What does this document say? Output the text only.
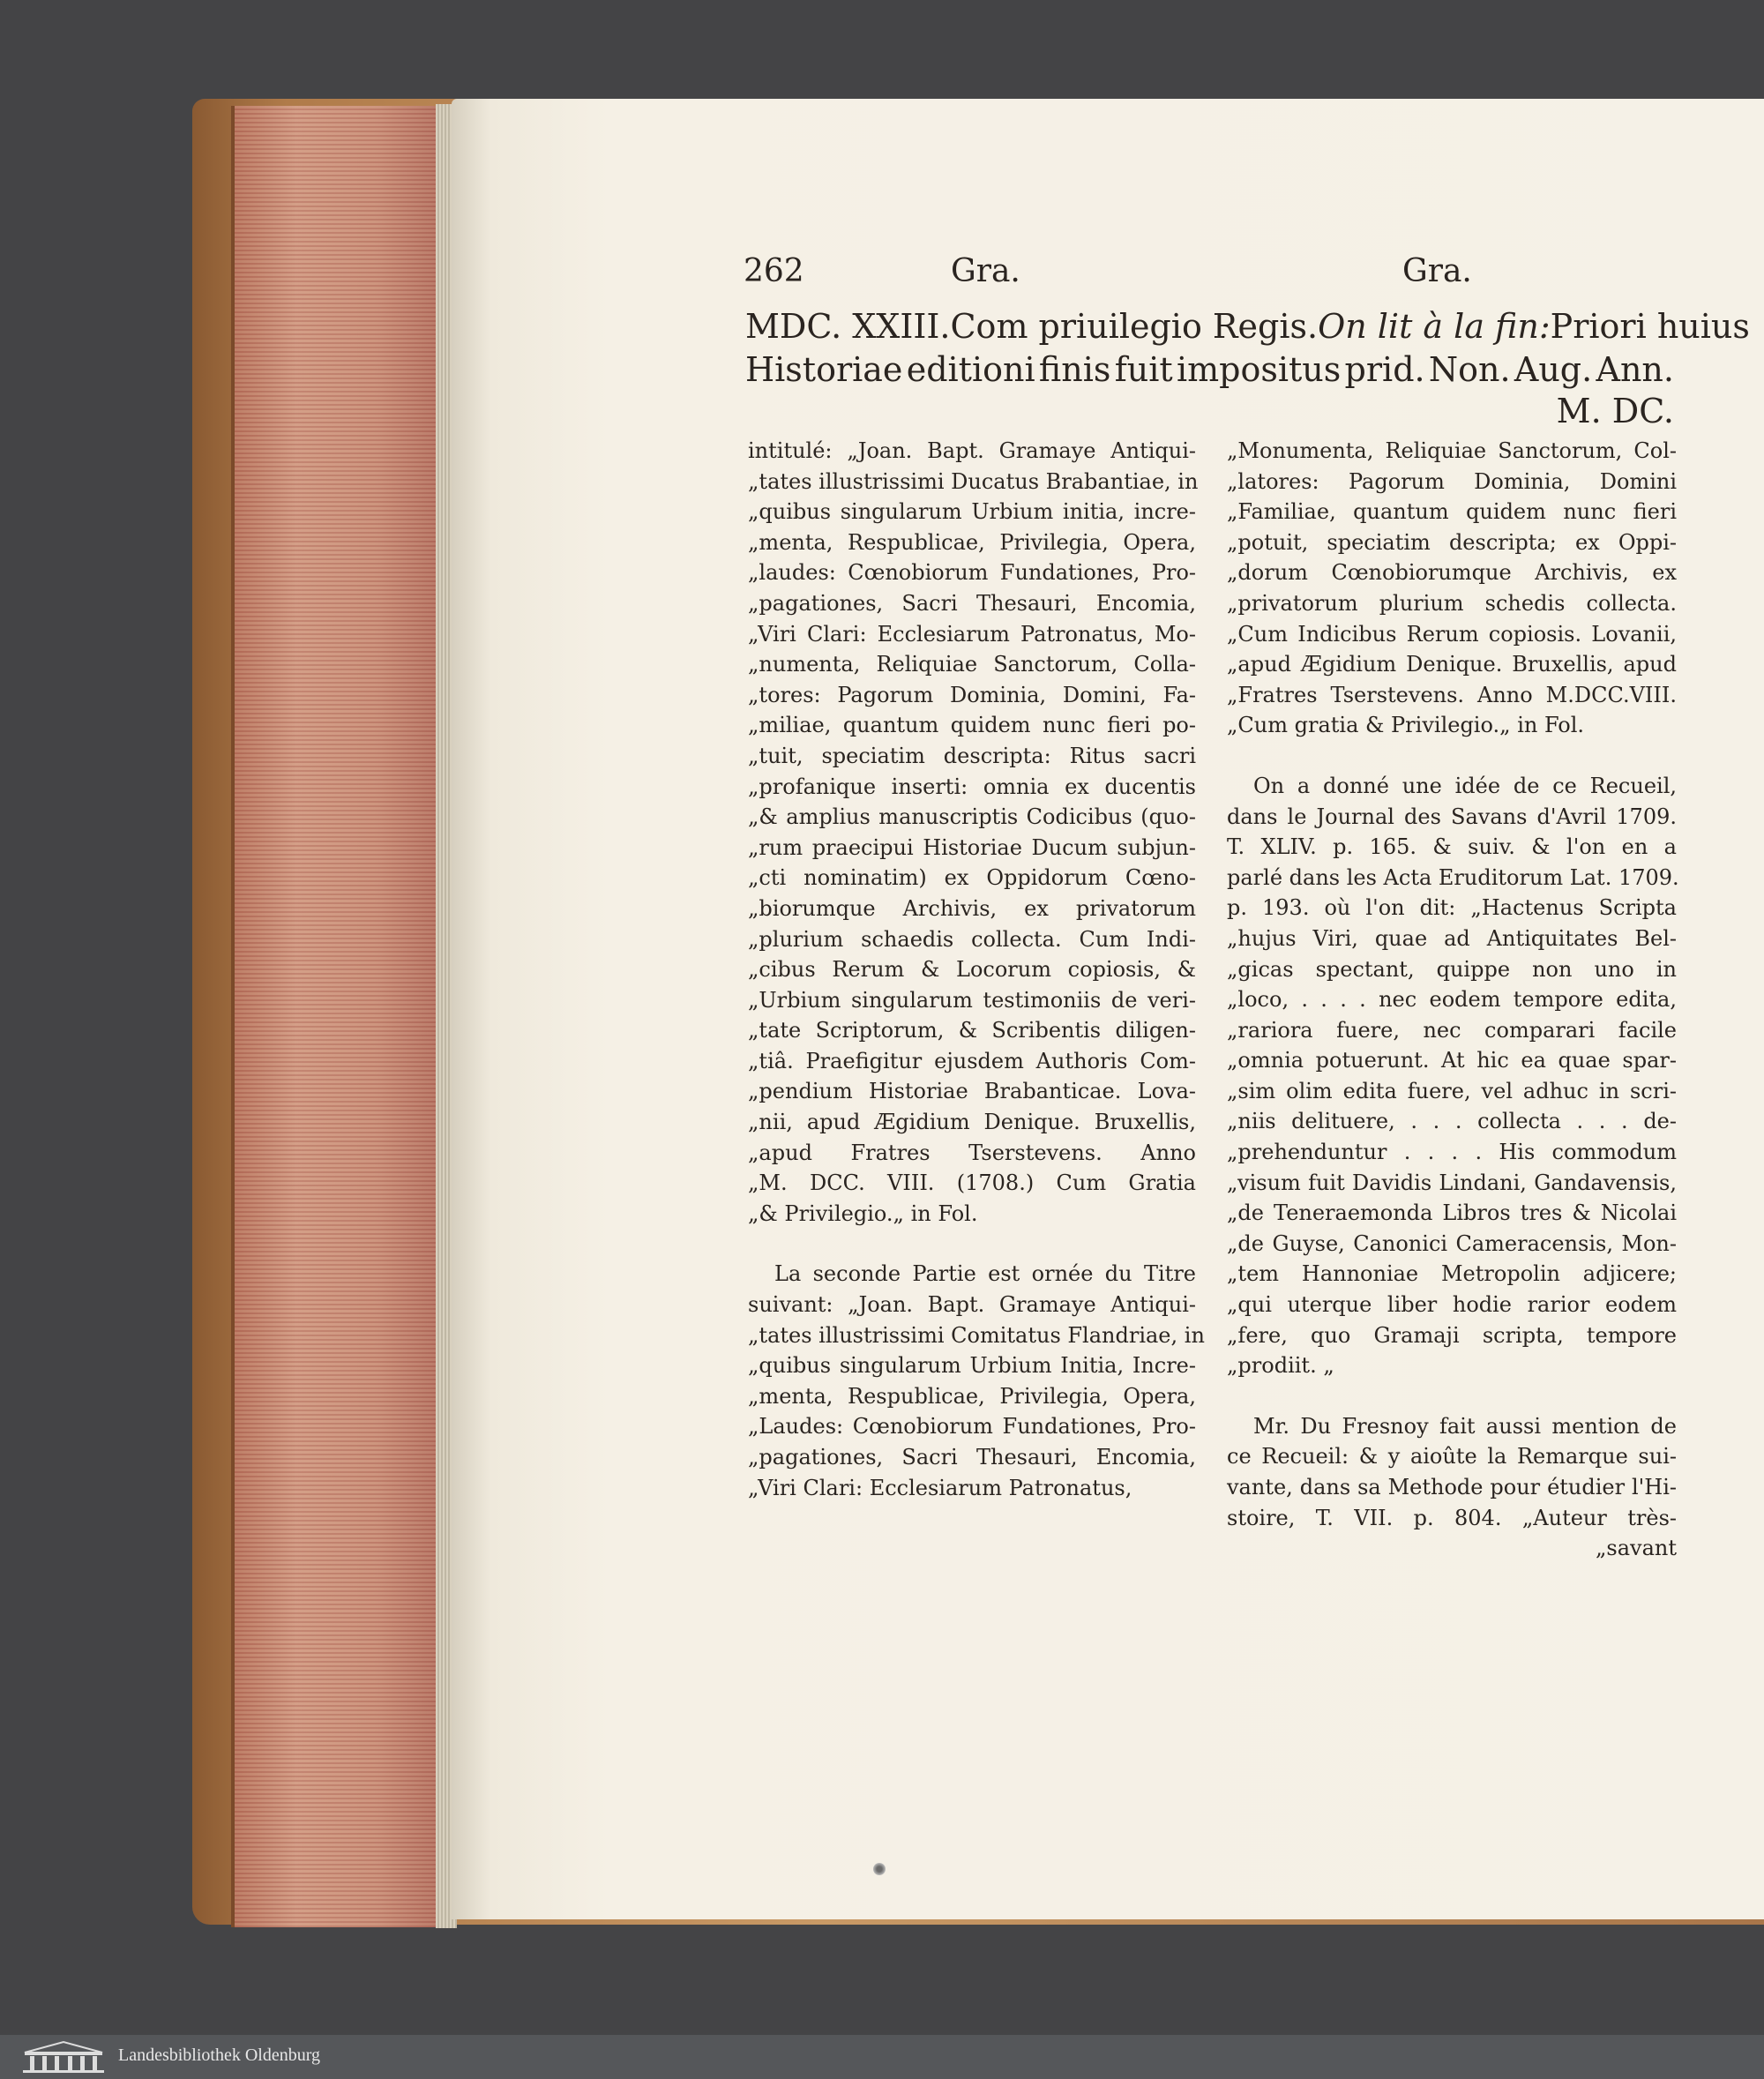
262	Gra.	Gra.
MDC. XXIII. Com priuilegio Regis. On lit à la fin: Priori huius
Historiae editioni finis fuit impositus prid. Non. Aug. Ann.
M. DC.
intitulé: „Joan. Bapt. Gramaye Antiqui-
„tates illustrissimi Ducatus Brabantiae, in
„quibus singularum Urbium initia, incre-
„menta, Respublicae, Privilegia, Opera,
„laudes: Cœnobiorum Fundationes, Pro-
„pagationes, Sacri Thesauri, Encomia,
„Viri Clari: Ecclesiarum Patronatus, Mo-
„numenta, Reliquiae Sanctorum, Colla-
„tores: Pagorum Dominia, Domini, Fa-
„miliae, quantum quidem nunc fieri po-
„tuit, speciatim descripta: Ritus sacri
„profanique inserti: omnia ex ducentis
„& amplius manuscriptis Codicibus (quo-
„rum praecipui Historiae Ducum subjun-
„cti nominatim) ex Oppidorum Cœno-
„biorumque Archivis, ex privatorum
„plurium schaedis collecta. Cum Indi-
„cibus Rerum & Locorum copiosis, &
„Urbium singularum testimoniis de veri-
„tate Scriptorum, & Scribentis diligen-
„tiâ. Praefigitur ejusdem Authoris Com-
„pendium Historiae Brabanticae. Lova-
„nii, apud Ægidium Denique. Bruxellis,
„apud Fratres Tserstevens. Anno
„M. DCC. VIII. (1708.) Cum Gratia
„& Privilegio.„ in Fol.
La seconde Partie est ornée du Titre
suivant: „Joan. Bapt. Gramaye Antiqui-
„tates illustrissimi Comitatus Flandriae, in
„quibus singularum Urbium Initia, Incre-
„menta, Respublicae, Privilegia, Opera,
„Laudes: Cœnobiorum Fundationes, Pro-
„pagationes, Sacri Thesauri, Encomia,
„Viri Clari: Ecclesiarum Patronatus,
„Monumenta, Reliquiae Sanctorum, Col-
„latores: Pagorum Dominia, Domini
„Familiae, quantum quidem nunc fieri
„potuit, speciatim descripta; ex Oppi-
„dorum Cœnobiorumque Archivis, ex
„privatorum plurium schedis collecta.
„Cum Indicibus Rerum copiosis. Lovanii,
„apud Ægidium Denique. Bruxellis, apud
„Fratres Tserstevens. Anno M.DCC.VIII.
„Cum gratia & Privilegio.„ in Fol.
On a donné une idée de ce Recueil,
dans le Journal des Savans d'Avril 1709.
T. XLIV. p. 165. & suiv. & l'on en a
parlé dans les Acta Eruditorum Lat. 1709.
p. 193. où l'on dit: „Hactenus Scripta
„hujus Viri, quae ad Antiquitates Bel-
„gicas spectant, quippe non uno in
„loco, . . . . nec eodem tempore edita,
„rariora fuere, nec comparari facile
„omnia potuerunt. At hic ea quae spar-
„sim olim edita fuere, vel adhuc in scri-
„niis delituere, . . . collecta . . . de-
„prehenduntur . . . . His commodum
„visum fuit Davidis Lindani, Gandavensis,
„de Teneraemonda Libros tres & Nicolai
„de Guyse, Canonici Cameracensis, Mon-
„tem Hannoniae Metropolin adjicere;
„qui uterque liber hodie rarior eodem
„fere, quo Gramaji scripta, tempore
„prodiit. „
Mr. Du Fresnoy fait aussi mention de
ce Recueil: & y aioûte la Remarque sui-
vante, dans sa Methode pour étudier l'Hi-
stoire, T. VII. p. 804. „Auteur très-
„savant
Landesbibliothek Oldenburg
